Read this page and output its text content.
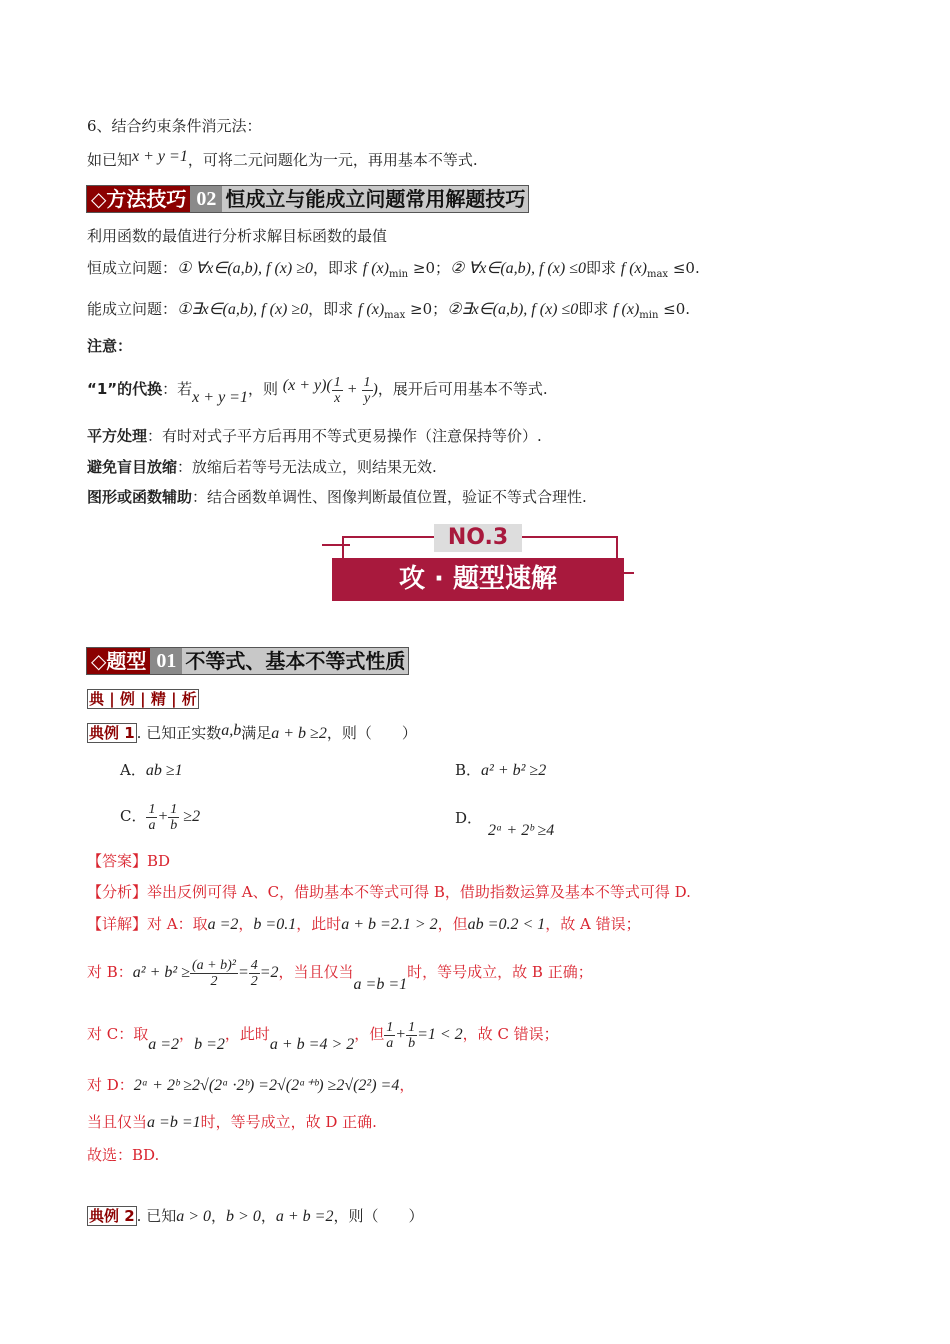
6、结合约束条件消元法：
如已知x + y =1，可将二元问题化为一元，再用基本不等式.
◇方法技巧 02 恒成立与能成立问题常用解题技巧
利用函数的最值进行分析求解目标函数的最值
恒成立问题：① ∀x∈(a,b), f (x) ≥0，即求 f $(x)_{min} \ge 0$；② ∀x∈(a,b), f (x) ≤0即求 f $(x)_{max} \le 0$.
能成立问题：①∃x∈(a,b), f (x) ≥0，即求 f $(x)_{max} \ge 0$；②∃x∈(a,b), f (x) ≤0即求 f $(x)_{min} \le 0$.
注意：
“1”的代换：若x + y =1，则 $(x + y)( \frac{1}{x} + \frac{1}{y}$ )，展开后可用基本不等式.
平方处理：有时对式子平方后再用不等式更易操作（注意保持等价）.
避免盲目放缩：放缩后若等号无法成立，则结果无效.
图形或函数辅助：结合函数单调性、图像判断最值位置，验证不等式合理性.
NO.3
攻 · 题型速解
◇题型 01 不等式、基本不等式性质
典 | 例 | 精 | 析
典例 1 . 已知正实数a,b满足a + b ≥2，则（　　）
A．ab ≥1	B．a² + b² ≥2
C． $\frac{1}{a} + \frac{1}{b} \ge 2$	D．2ᵃ + 2ᵇ ≥4
【答案】BD
【分析】举出反例可得 A、C，借助基本不等式可得 B，借助指数运算及基本不等式可得 D.
【详解】对 A：取a =2，b =0.1，此时a + b =2.1 > 2，但ab =0.2 < 1，故 A 错误；
对 B：$a^2 + b^2 \ge \frac{\text{(a + b)²}}{2} = \frac{4}{2} =2$，当且仅当a =b =1时，等号成立，故 B 正确；
对 C：取a =2，b =2，此时a + b =4 > 2，但 $\frac{1}{a} + \frac{1}{b} =1 < 2$，故 C 错误；
对 D：2ᵃ + 2ᵇ ≥2√(2ᵃ ·2ᵇ) =2√(2ᵃ⁺ᵇ) ≥2√(2²) =4，
当且仅当a =b =1时，等号成立，故 D 正确.
故选：BD.
典例 2 . 已知a > 0，b > 0，a + b =2，则（　　）
